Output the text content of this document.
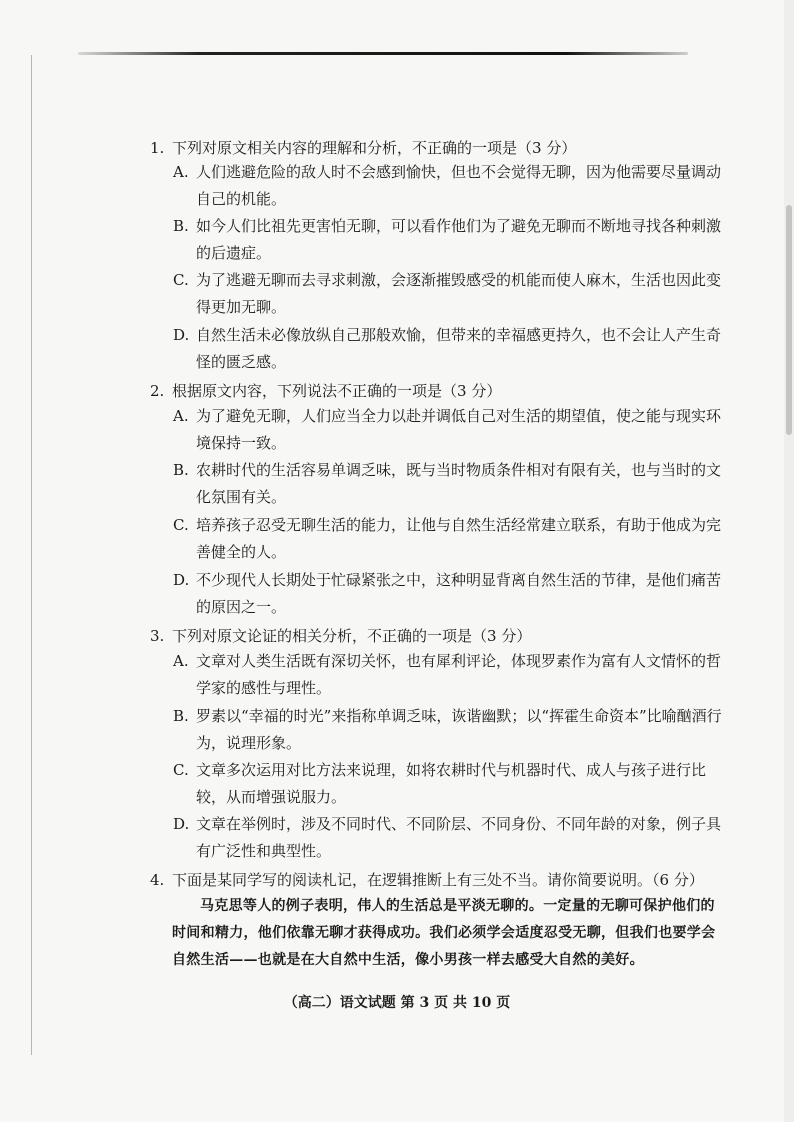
1. 下列对原文相关内容的理解和分析，不正确的一项是（3 分）
A. 人们逃避危险的敌人时不会感到愉快，但也不会觉得无聊，因为他需要尽量调动自己的机能。
B. 如今人们比祖先更害怕无聊，可以看作他们为了避免无聊而不断地寻找各种刺激的后遗症。
C. 为了逃避无聊而去寻求刺激，会逐渐摧毁感受的机能而使人麻木，生活也因此变得更加无聊。
D. 自然生活未必像放纵自己那般欢愉，但带来的幸福感更持久，也不会让人产生奇怪的匮乏感。
2. 根据原文内容，下列说法不正确的一项是（3 分）
A. 为了避免无聊，人们应当全力以赴并调低自己对生活的期望值，使之能与现实环境保持一致。
B. 农耕时代的生活容易单调乏味，既与当时物质条件相对有限有关，也与当时的文化氛围有关。
C. 培养孩子忍受无聊生活的能力，让他与自然生活经常建立联系，有助于他成为完善健全的人。
D. 不少现代人长期处于忙碌紧张之中，这种明显背离自然生活的节律，是他们痛苦的原因之一。
3. 下列对原文论证的相关分析，不正确的一项是（3 分）
A. 文章对人类生活既有深切关怀，也有犀利评论，体现罗素作为富有人文情怀的哲学家的感性与理性。
B. 罗素以“幸福的时光”来指称单调乏味，诙谐幽默；以“挥霍生命资本”比喻酗酒行为，说理形象。
C. 文章多次运用对比方法来说理，如将农耕时代与机器时代、成人与孩子进行比较，从而增强说服力。
D. 文章在举例时，涉及不同时代、不同阶层、不同身份、不同年龄的对象，例子具有广泛性和典型性。
4. 下面是某同学写的阅读札记，在逻辑推断上有三处不当。请你简要说明。（6 分）
马克思等人的例子表明，伟人的生活总是平淡无聊的。一定量的无聊可保护他们的时间和精力，他们依靠无聊才获得成功。我们必须学会适度忍受无聊，但我们也要学会自然生活——也就是在大自然中生活，像小男孩一样去感受大自然的美好。
（高二）语文试题 第 3 页 共 10 页
